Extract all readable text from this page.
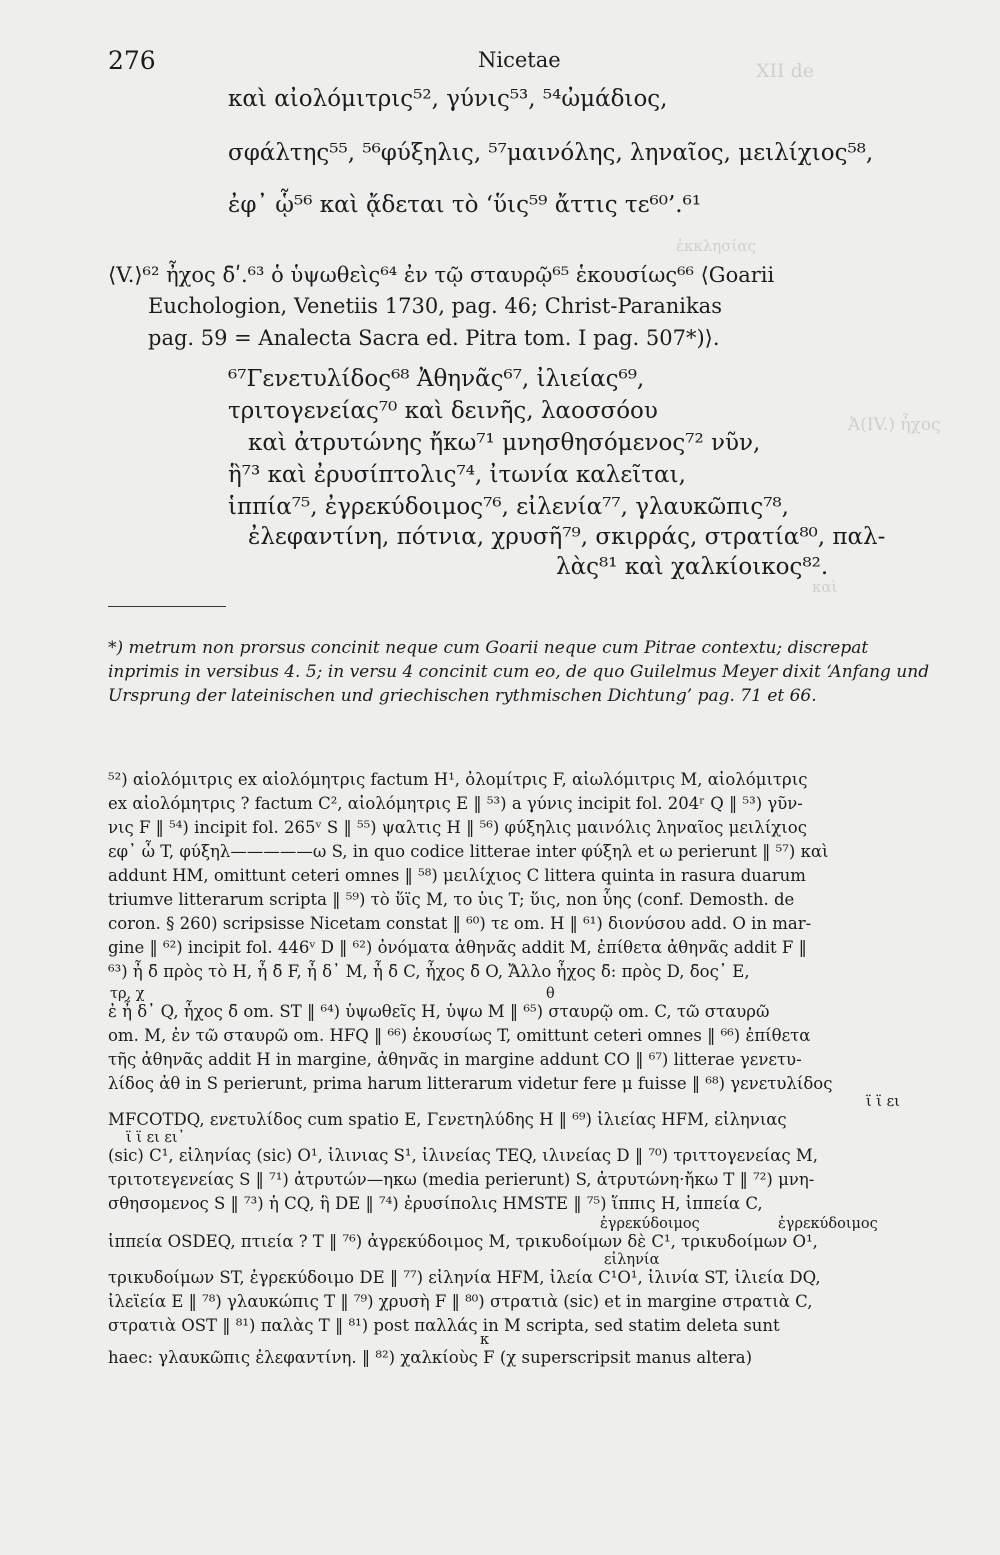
276	Nicetae	XII de
Ἀ(IV.) ἦχος
ἐκκλησίας
καὶ
καὶ αἰολόμιτρις⁵², γύνις⁵³, ⁵⁴ὠμάδιος,
σφάλτης⁵⁵, ⁵⁶φύξηλις, ⁵⁷μαινόλης, ληναῖος, μειλίχιος⁵⁸,
ἐφ᾿ ᾧ⁵⁶ καὶ ᾄδεται τὸ ‘ὕις⁵⁹ ἄττις τε⁶⁰’.⁶¹
⟨V.⟩⁶² ἦχος δ̄ʹ.⁶³ ὁ ὑψωθεὶς⁶⁴ ἐν τῷ σταυρῷ⁶⁵ ἑκουσίως⁶⁶ ⟨Goarii
Euchologion, Venetiis 1730, pag. 46; Christ-Paranikas
pag. 59 = Analecta Sacra ed. Pitra tom. I pag. 507*)⟩.
⁶⁷Γενετυλίδος⁶⁸ Ἀθηνᾶς⁶⁷, ἰλιείας⁶⁹,
τριτογενείας⁷⁰ καὶ δεινῆς, λαοσσόου
καὶ ἀτρυτώνης ἤκω⁷¹ μνησθησόμενος⁷² νῦν,
ἣ⁷³ καὶ ἐρυσίπτολις⁷⁴, ἰτωνία καλεῖται,
ἱππία⁷⁵, ἐγρεκύδοιμος⁷⁶, εἰλενία⁷⁷, γλαυκῶπις⁷⁸,
ἐλεφαντίνη, πότνια, χρυσῆ⁷⁹, σκιρράς, στρατία⁸⁰, παλ-
λὰς⁸¹ καὶ χαλκίοικος⁸².
*) metrum non prorsus concinit neque cum Goarii neque cum Pitrae contextu; discrepat inprimis in versibus 4. 5; in versu 4 concinit cum eo, de quo Guilelmus Meyer dixit ‘Anfang und Ursprung der lateinischen und griechischen rythmischen Dichtung’ pag. 71 et 66.
⁵²) αἰολόμιτρις ex αἰολόμητρις factum H¹, ὀλομίτρις F, αἰωλόμιτρις M, αἰολόμιτρις
ex αἰολόμητρις ? factum C², αἰολόμητρις E ‖ ⁵³) a γύνις incipit fol. 204ʳ Q ‖ ⁵³) γῦν-
νις F ‖ ⁵⁴) incipit fol. 265ᵛ S ‖ ⁵⁵) ψαλτις H ‖ ⁵⁶) φύξηλις μαινόλις ληναῖος μειλίχιος
εφ᾿ ὦ T, φύξηλ—————ω S, in quo codice litterae inter φύξηλ et ω perierunt ‖ ⁵⁷) καὶ
addunt HM, omittunt ceteri omnes ‖ ⁵⁸) μειλίχιος C littera quinta in rasura duarum
triumve litterarum scripta ‖ ⁵⁹) τὸ ὕϊς M, το ὑις T; ὕις, non ὗης (conf. Demosth. de
coron. § 260) scripsisse Nicetam constat ‖ ⁶⁰) τε om. H ‖ ⁶¹) διονύσου add. O in mar-
gine ‖ ⁶²) incipit fol. 446ᵛ D ‖ ⁶²) ὀνόματα ἀθηνᾶς addit M, ἐπίθετα ἀθηνᾶς addit F ‖
⁶³) ἦ δ̄ πρὸς τὸ H, ἦ δ̄ F, ἦ δ᾿ M, ἦ δ̄ C, ἦχος δ̄ O, Ἄλλο ἦχος δ̄: πρὸς D, δ̄ος᾿ E,
ἐ ἦ δ᾿ Q, ἦχος δ̄ om. ST ‖ ⁶⁴) ὑψωθεῖς H, ὑψω M ‖ ⁶⁵) σταυρῷ om. C, τῶ σταυρῶ
om. M, ἐν τῶ σταυρῶ om. HFQ ‖ ⁶⁶) ἑκουσίως T, omittunt ceteri omnes ‖ ⁶⁶) ἐπίθετα
τῆς ἀθηνᾶς addit H in margine, ἀθηνᾶς in margine addunt CO ‖ ⁶⁷) litterae γενετυ-
λίδος ἀθ in S perierunt, prima harum litterarum videtur fere μ fuisse ‖ ⁶⁸) γενετυλίδος
MFCOTDQ, ενετυλίδος cum spatio E, Γενετηλύδης H ‖ ⁶⁹) ἰλιείας HFM, εἰληνιας
(sic) C¹, εἰληνίας (sic) O¹, ἰλινιας S¹, ἰλινείας TEQ, ιλινείας D ‖ ⁷⁰) τριττογενείας M,
τριτοτεγενείας S ‖ ⁷¹) ἀτρυτών—ηκω (media perierunt) S, ἀτρυτώνη·ἤκω T ‖ ⁷²) μνη-
σθησομενος S ‖ ⁷³) ἡ CQ, ἣ DE ‖ ⁷⁴) ἐρυσίπολις HMSTE ‖ ⁷⁵) ἵππις H, ἱππεία C,
ἱππεία OSDEQ, πτιεία ? T ‖ ⁷⁶) ἀγρεκύδοιμος M, τρικυδοίμων δὲ C¹, τρικυδοίμων O¹,
τρικυδοίμων ST, ἐγρεκύδοιμο DE ‖ ⁷⁷) εἰληνία HFM, ἰλεία C¹O¹, ἰλινία ST, ἰλιεία DQ,
ἰλεϊεία E ‖ ⁷⁸) γλαυκώπις T ‖ ⁷⁹) χρυσὴ F ‖ ⁸⁰) στρατιὰ (sic) et in margine στρατιὰ C,
στρατιὰ OST ‖ ⁸¹) παλὰς T ‖ ⁸¹) post παλλάς in M scripta, sed statim deleta sunt
haec: γλαυκῶπις ἐλεφαντίνη. ‖ ⁸²) χαλκίοὺς F (χ superscripsit manus altera)
ϊ ϊ ει
ϊ ϊ ει ει᾿
ἐγρεκύδοιμος	ἐγρεκύδοιμος
εἰληνία
τρ, χ	θ
κ
